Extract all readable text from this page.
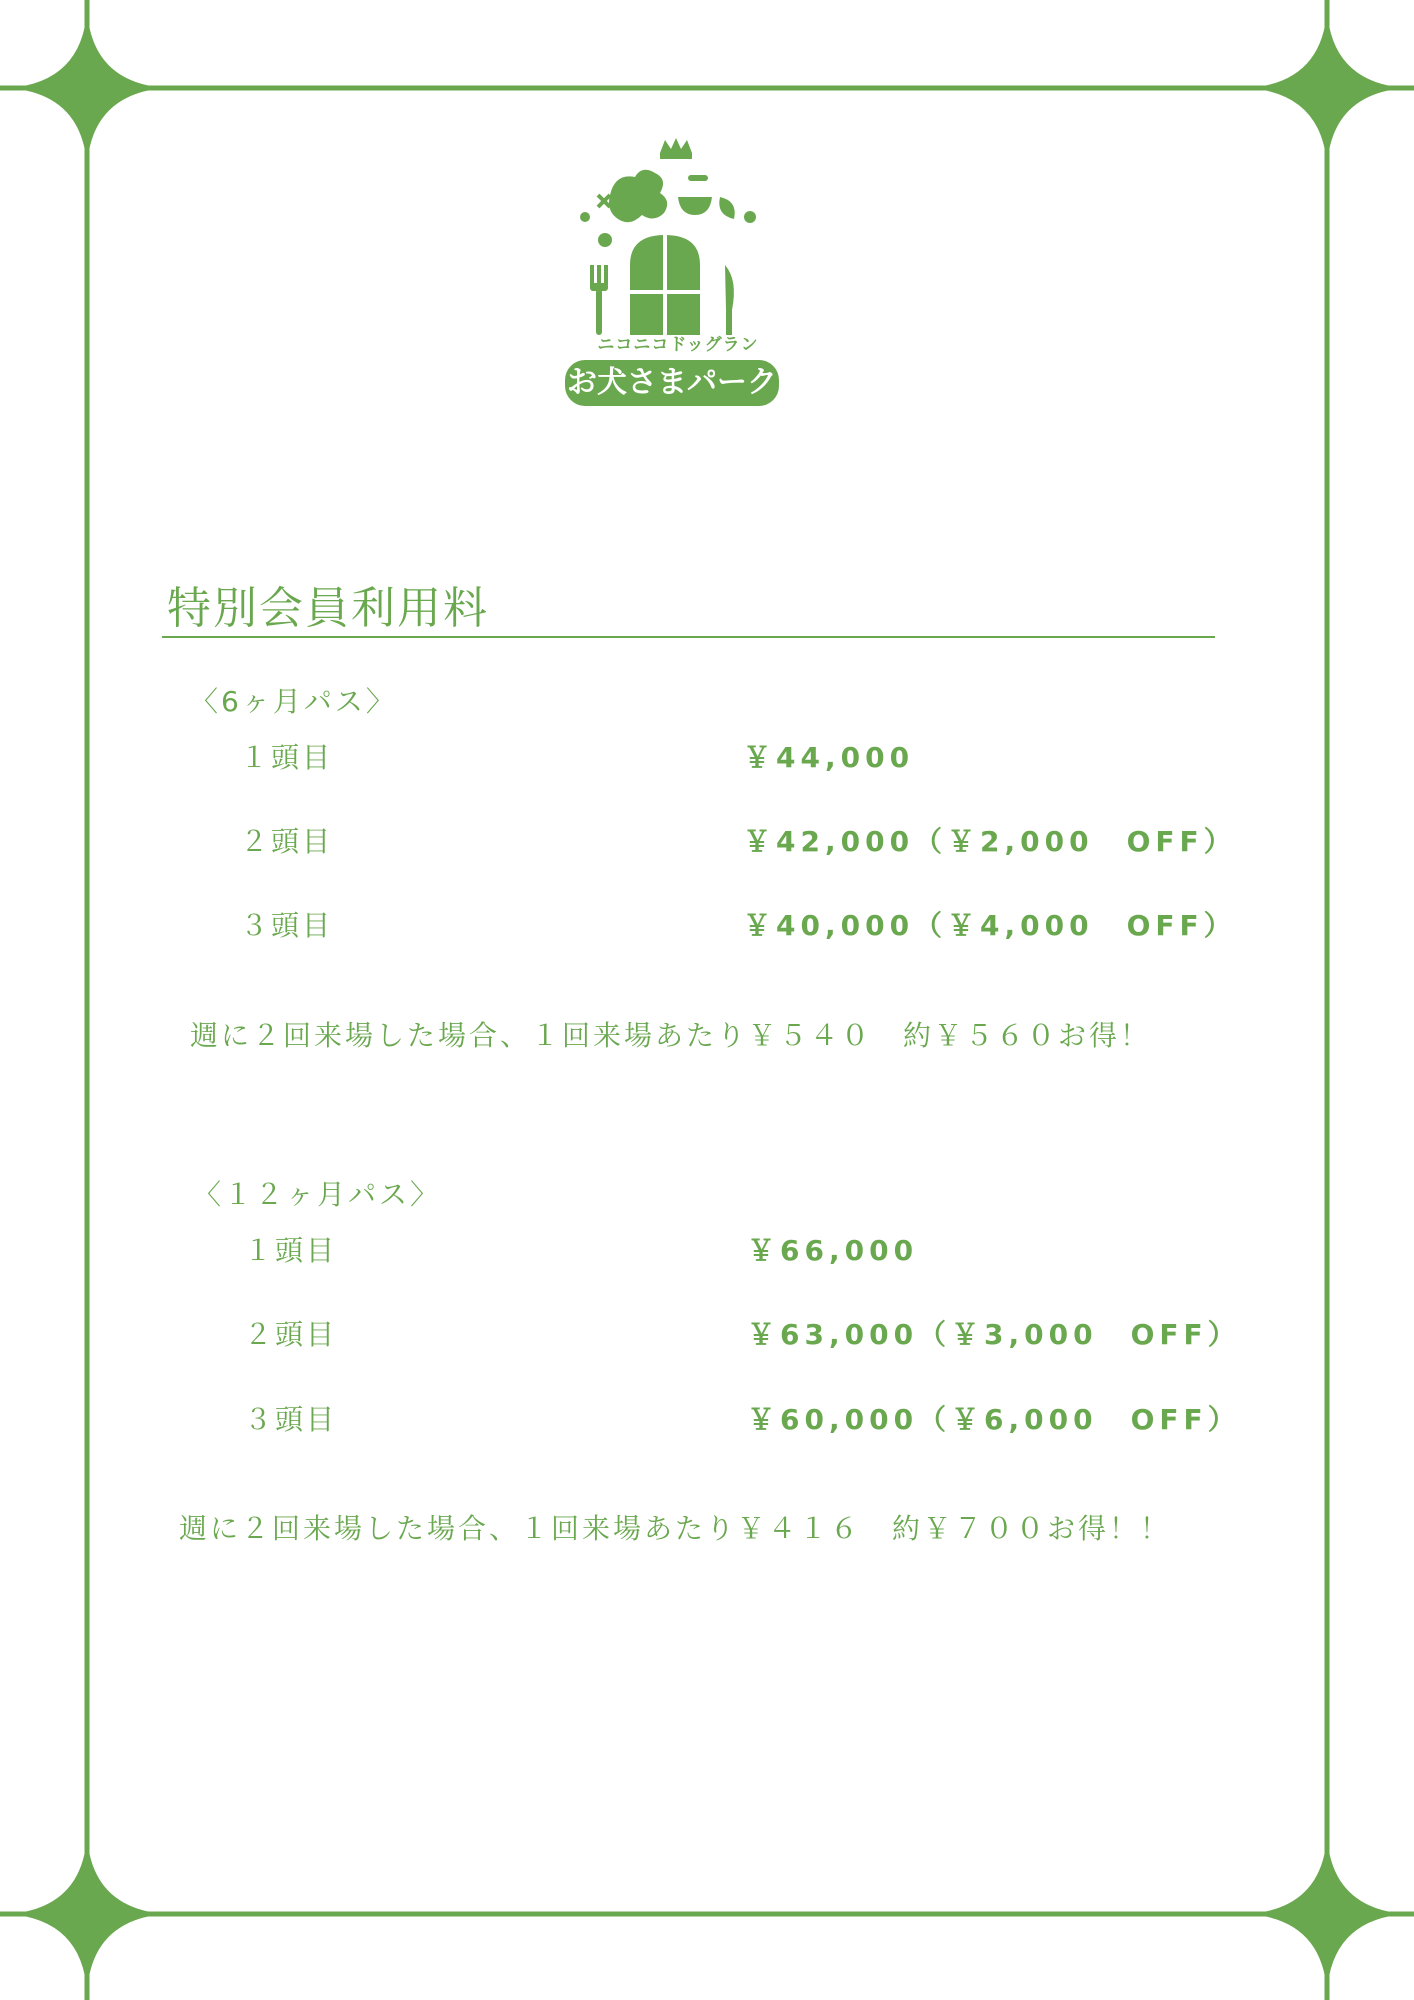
ニコニコドッグラン
お犬さまパーク
特別会員利用料
〈6ヶ月パス〉
１頭目	￥44,000
２頭目	￥42,000（￥2,000　OFF）
３頭目	￥40,000（￥4,000　OFF）
週に２回来場した場合、１回来場あたり￥５４０　約￥５６０お得！
〈１２ヶ月パス〉
１頭目	￥66,000
２頭目	￥63,000（￥3,000　OFF）
３頭目	￥60,000（￥6,000　OFF）
週に２回来場した場合、１回来場あたり￥４１６　約￥７００お得！！
